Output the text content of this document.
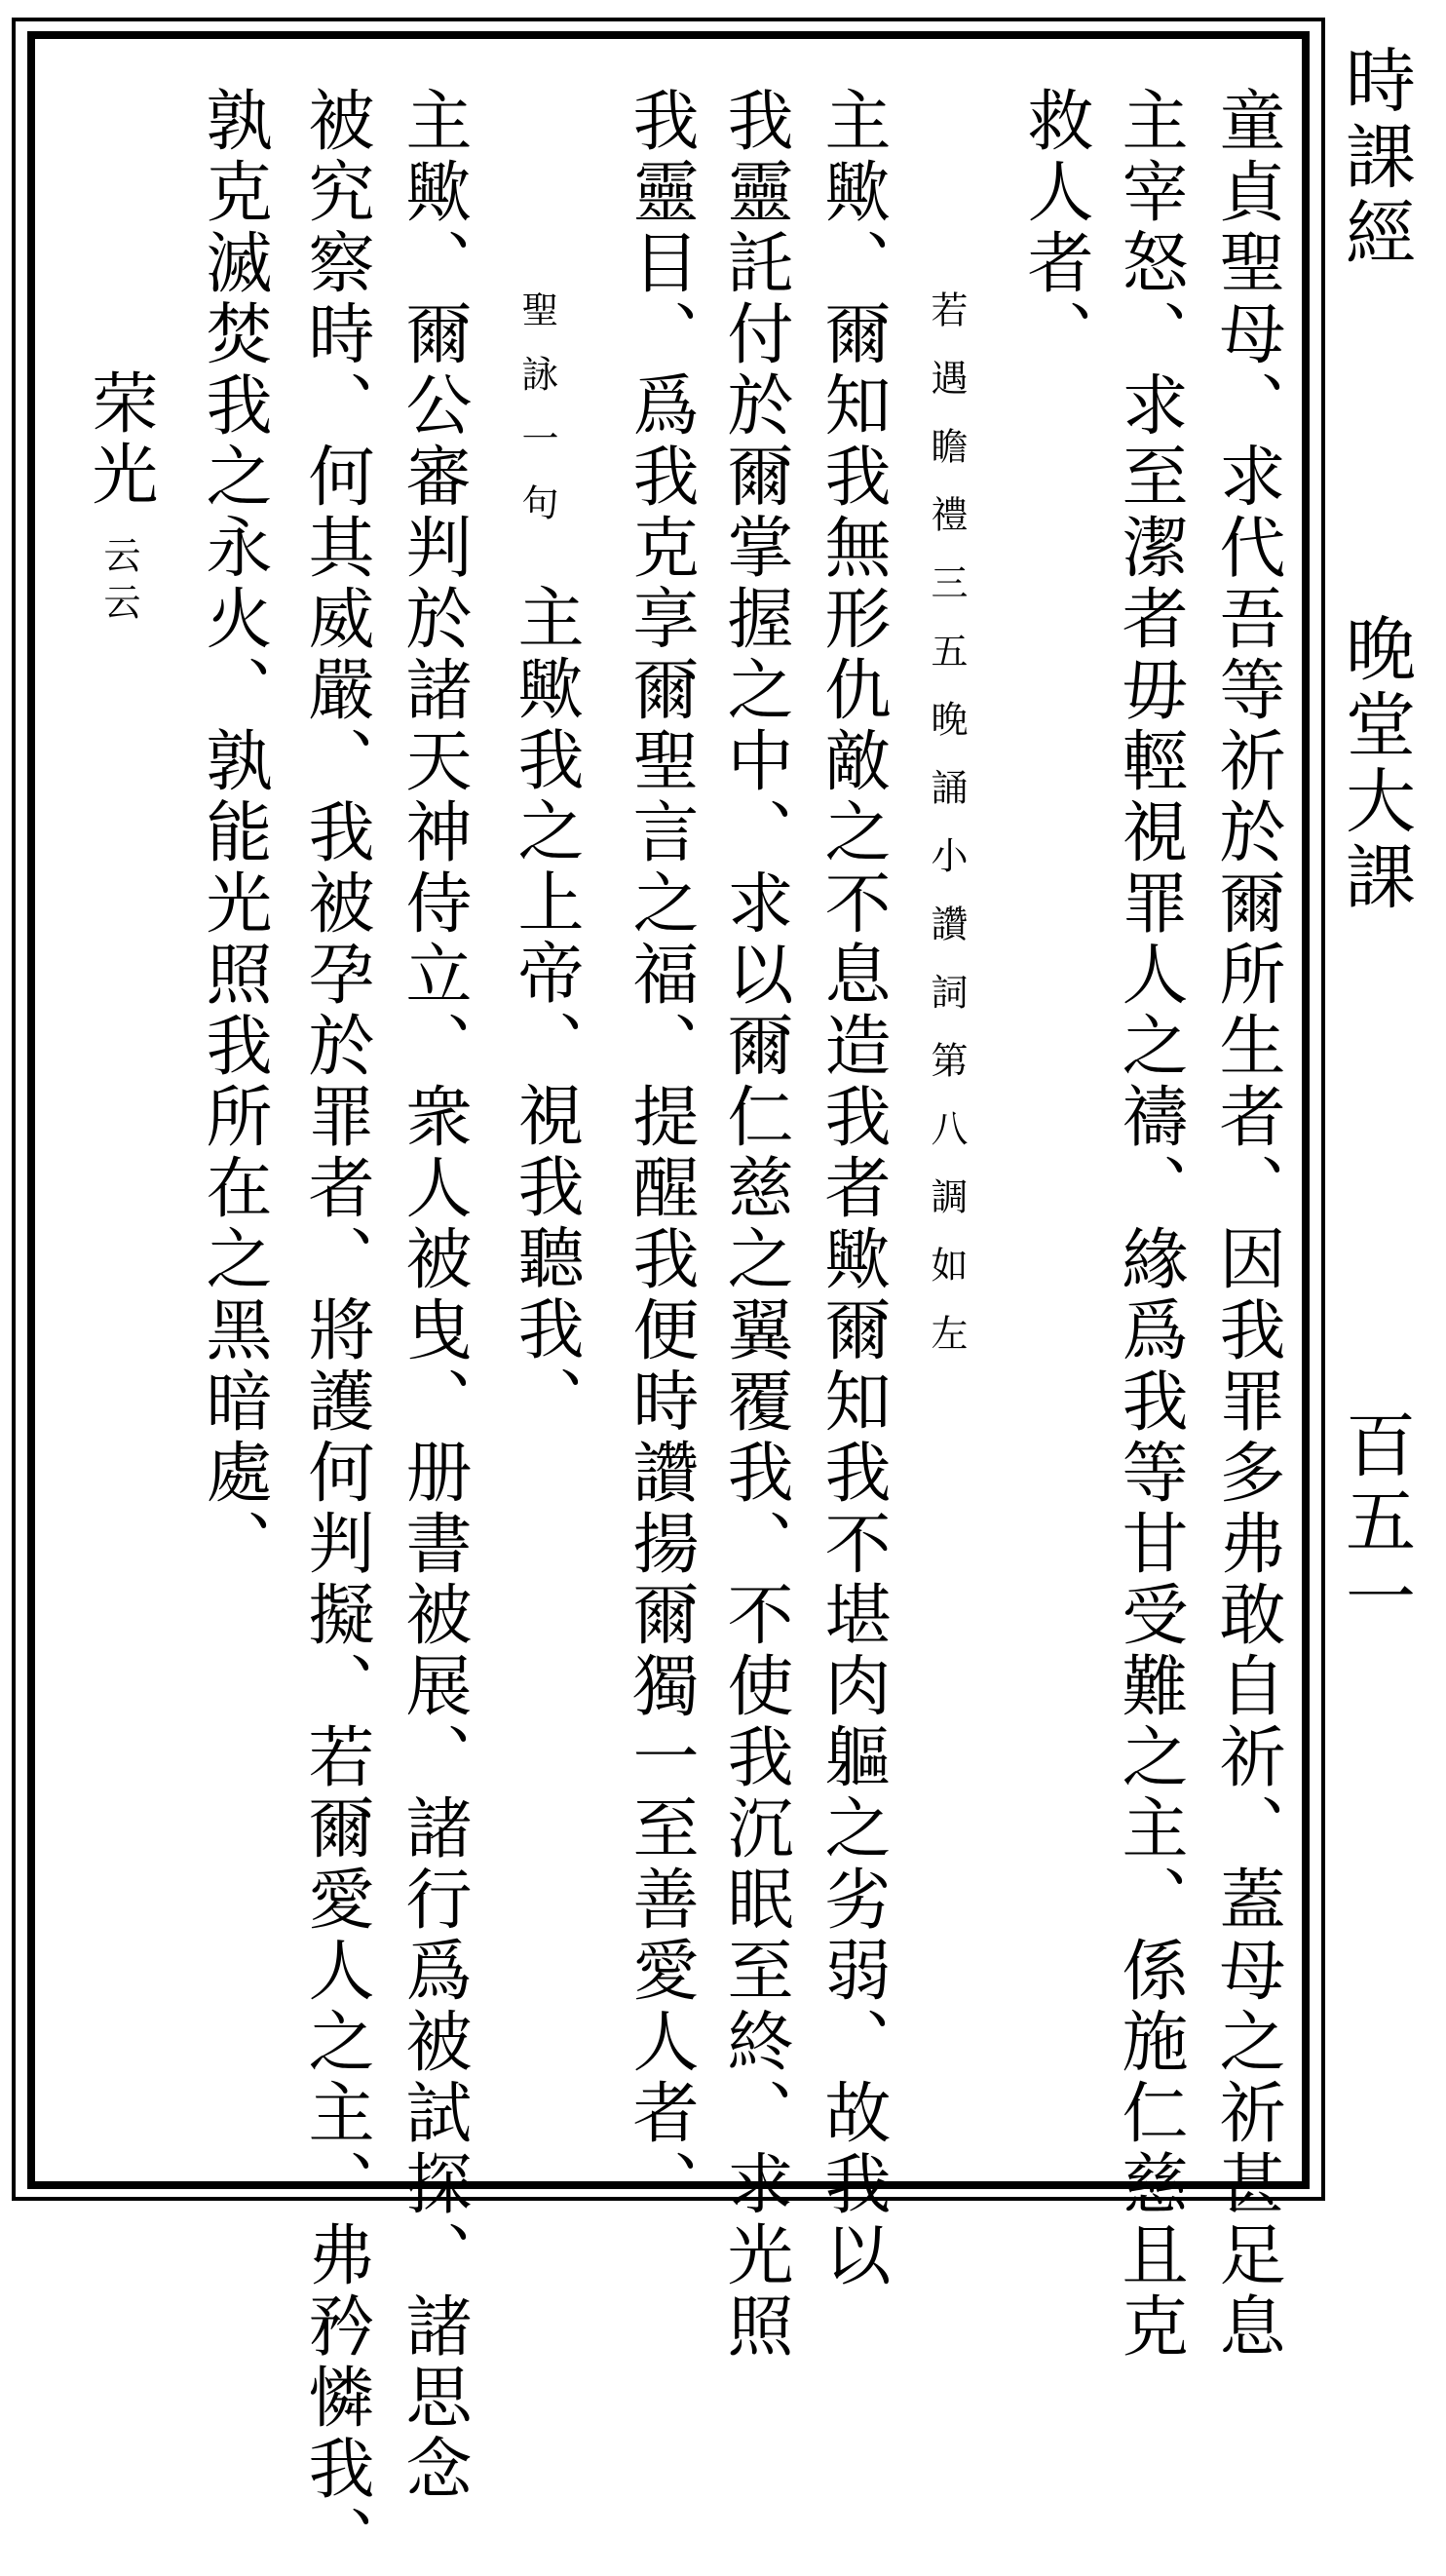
時課經
晚堂大課
百五一
童貞聖母、求代吾等祈於爾所生者、因我罪多弗敢自祈、蓋母之祈甚足息
主宰怒、求至潔者毋輕視罪人之禱、緣爲我等甘受難之主、係施仁慈且克
救人者、
若遇瞻禮三五晚誦小讚詞第八調如左
主歟、爾知我無形仇敵之不息造我者歟爾知我不堪肉軀之劣弱、故我以
我靈託付於爾掌握之中、求以爾仁慈之翼覆我、不使我沉眠至終、求光照
我靈目、爲我克享爾聖言之福、提醒我便時讚揚爾獨一至善愛人者、
聖詠一句
主歟我之上帝、視我聽我、
主歟、爾公審判於諸天神侍立、衆人被曳、册書被展、諸行爲被試探、諸思念
被究察時、何其威嚴、我被孕於罪者、將護何判擬、若爾愛人之主、弗矜憐我、
孰克滅焚我之永火、孰能光照我所在之黑暗處、
荣光云云
